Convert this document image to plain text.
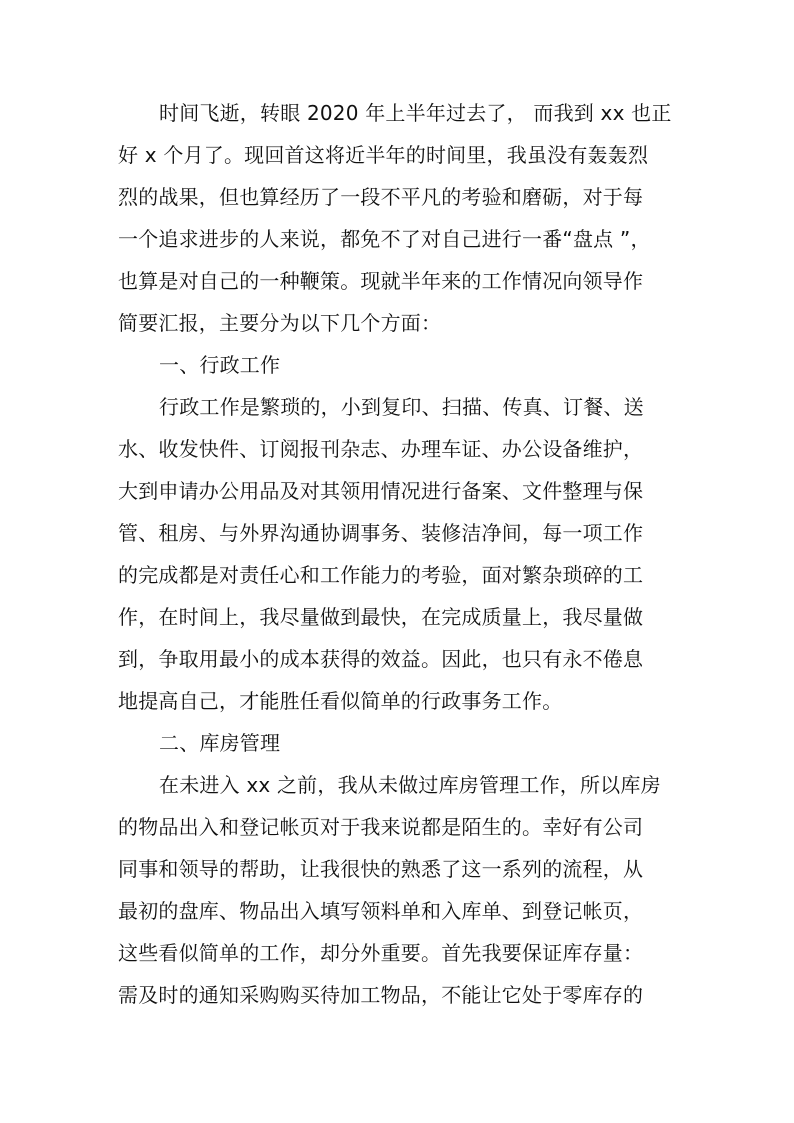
时间飞逝，转眼 2020 年上半年过去了， 而我到 xx 也正
好 x 个月了。现回首这将近半年的时间里，我虽没有轰轰烈
烈的战果，但也算经历了一段不平凡的考验和磨砺，对于每
一个追求进步的人来说，都免不了对自己进行一番“盘点 ”，
也算是对自己的一种鞭策。现就半年来的工作情况向领导作
简要汇报，主要分为以下几个方面：
一、行政工作
行政工作是繁琐的，小到复印、扫描、传真、订餐、送
水、收发快件、订阅报刊杂志、办理车证、办公设备维护，
大到申请办公用品及对其领用情况进行备案、文件整理与保
管、租房、与外界沟通协调事务、装修洁净间，每一项工作
的完成都是对责任心和工作能力的考验，面对繁杂琐碎的工
作，在时间上，我尽量做到最快，在完成质量上，我尽量做
到，争取用最小的成本获得的效益。因此，也只有永不倦息
地提高自己，才能胜任看似简单的行政事务工作。
二、库房管理
在未进入 xx 之前，我从未做过库房管理工作，所以库房
的物品出入和登记帐页对于我来说都是陌生的。幸好有公司
同事和领导的帮助，让我很快的熟悉了这一系列的流程，从
最初的盘库、物品出入填写领料单和入库单、到登记帐页，
这些看似简单的工作，却分外重要。首先我要保证库存量：
需及时的通知采购购买待加工物品，不能让它处于零库存的
